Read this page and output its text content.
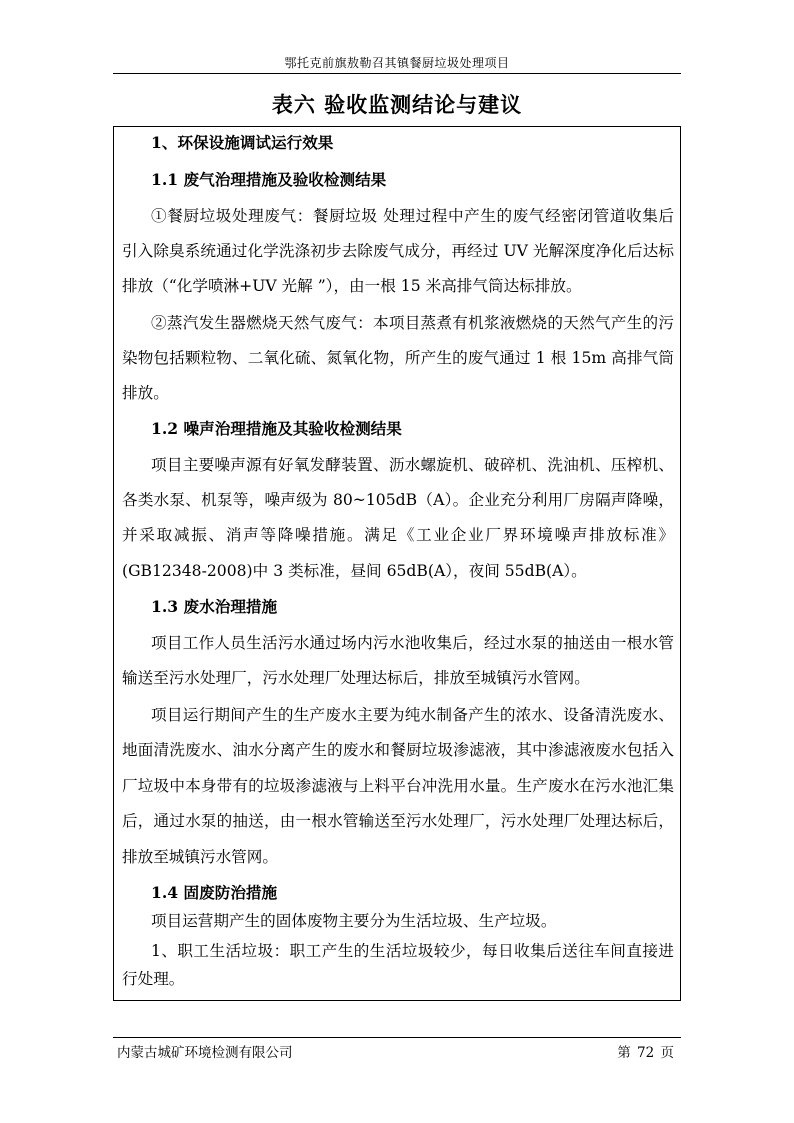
鄂托克前旗敖勒召其镇餐厨垃圾处理项目
表六 验收监测结论与建议
1、环保设施调试运行效果
1.1 废气治理措施及验收检测结果
①餐厨垃圾处理废气：餐厨垃圾 处理过程中产生的废气经密闭管道收集后
引入除臭系统通过化学洗涤初步去除废气成分，再经过 UV 光解深度净化后达标
排放（“化学喷淋+UV 光解 ”），由一根 15 米高排气筒达标排放。
②蒸汽发生器燃烧天然气废气：本项目蒸煮有机浆液燃烧的天然气产生的污
染物包括颗粒物、二氧化硫、氮氧化物，所产生的废气通过 1 根 15m 高排气筒
排放。
1.2 噪声治理措施及其验收检测结果
项目主要噪声源有好氧发酵装置、沥水螺旋机、破碎机、洗油机、压榨机、
各类水泵、机泵等，噪声级为 80~105dB（A）。企业充分利用厂房隔声降噪，
并采取减振、消声等降噪措施。满足《工业企业厂界环境噪声排放标准》
(GB12348-2008)中 3 类标准，昼间 65dB(A），夜间 55dB(A）。
1.3 废水治理措施
项目工作人员生活污水通过场内污水池收集后，经过水泵的抽送由一根水管
输送至污水处理厂，污水处理厂处理达标后，排放至城镇污水管网。
项目运行期间产生的生产废水主要为纯水制备产生的浓水、设备清洗废水、
地面清洗废水、油水分离产生的废水和餐厨垃圾渗滤液，其中渗滤液废水包括入
厂垃圾中本身带有的垃圾渗滤液与上料平台冲洗用水量。生产废水在污水池汇集
后，通过水泵的抽送，由一根水管输送至污水处理厂，污水处理厂处理达标后，
排放至城镇污水管网。
1.4 固废防治措施
项目运营期产生的固体废物主要分为生活垃圾、生产垃圾。
1、职工生活垃圾：职工产生的生活垃圾较少，每日收集后送往车间直接进
行处理。
内蒙古城矿环境检测有限公司	第 72 页
